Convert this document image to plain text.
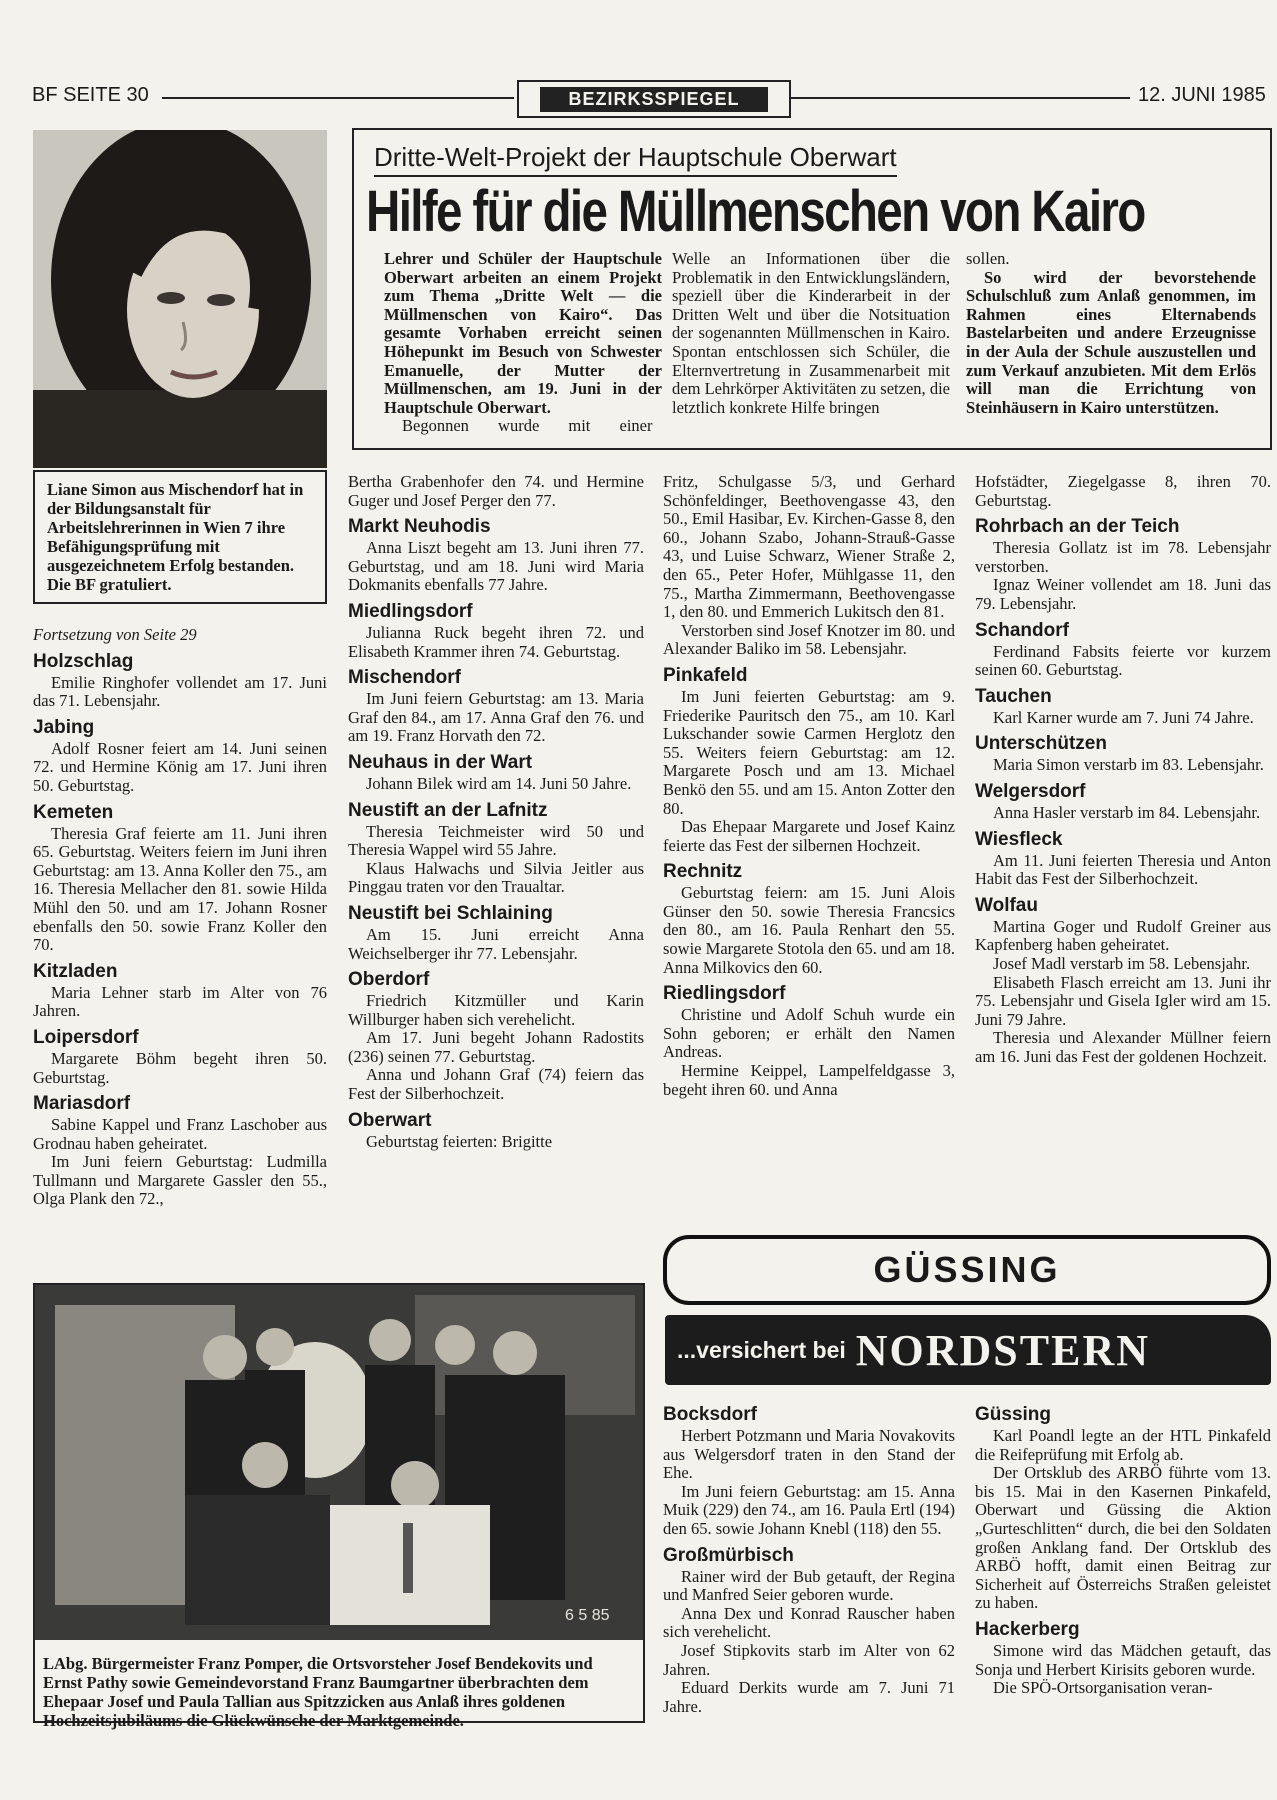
BF SEITE 30	BEZIRKSSPIEGEL	12. JUNI 1985
Liane Simon aus Mischendorf hat in der Bildungsanstalt für Arbeitslehrerinnen in Wien 7 ihre Befähigungsprüfung mit ausgezeichnetem Erfolg bestanden. Die BF gratuliert.
Dritte-Welt-Projekt der Hauptschule Oberwart
Hilfe für die Müllmenschen von Kairo

Lehrer und Schüler der Hauptschule Oberwart arbeiten an einem Projekt zum Thema „Dritte Welt — die Müllmenschen von Kairo“. Das gesamte Vorhaben erreicht seinen Höhepunkt im Besuch von Schwester Emanuelle, der Mutter der Müllmenschen, am 19. Juni in der Hauptschule Oberwart.

Begonnen wurde mit einer

Welle an Informationen über die Problematik in den Entwicklungsländern, speziell über die Kinderarbeit in der Dritten Welt und über die Notsituation der sogenannten Müllmenschen in Kairo. Spontan entschlossen sich Schüler, die Elternvertretung in Zusammenarbeit mit dem Lehrkörper Aktivitäten zu setzen, die letztlich konkrete Hilfe bringen

sollen.

So wird der bevorstehende Schulschluß zum Anlaß genommen, im Rahmen eines Elternabends Bastelarbeiten und andere Erzeugnisse in der Aula der Schule auszustellen und zum Verkauf anzubieten. Mit dem Erlös will man die Errichtung von Steinhäusern in Kairo unterstützen.

Fortsetzung von Seite 29

Holzschlag

Emilie Ringhofer vollendet am 17. Juni das 71. Lebensjahr.

Jabing

Adolf Rosner feiert am 14. Juni seinen 72. und Hermine König am 17. Juni ihren 50. Geburtstag.

Kemeten

Theresia Graf feierte am 11. Juni ihren 65. Geburtstag. Weiters feiern im Juni ihren Geburtstag: am 13. Anna Koller den 75., am 16. Theresia Mellacher den 81. sowie Hilda Mühl den 50. und am 17. Johann Rosner ebenfalls den 50. sowie Franz Koller den 70.

Kitzladen

Maria Lehner starb im Alter von 76 Jahren.

Loipersdorf

Margarete Böhm begeht ihren 50. Geburtstag.

Mariasdorf

Sabine Kappel und Franz Laschober aus Grodnau haben geheiratet.

Im Juni feiern Geburtstag: Ludmilla Tullmann und Margarete Gassler den 55., Olga Plank den 72.,

Bertha Grabenhofer den 74. und Hermine Guger und Josef Perger den 77.

Markt Neuhodis

Anna Liszt begeht am 13. Juni ihren 77. Geburtstag, und am 18. Juni wird Maria Dokmanits ebenfalls 77 Jahre.

Miedlingsdorf

Julianna Ruck begeht ihren 72. und Elisabeth Krammer ihren 74. Geburtstag.

Mischendorf

Im Juni feiern Geburtstag: am 13. Maria Graf den 84., am 17. Anna Graf den 76. und am 19. Franz Horvath den 72.

Neuhaus in der Wart

Johann Bilek wird am 14. Juni 50 Jahre.

Neustift an der Lafnitz

Theresia Teichmeister wird 50 und Theresia Wappel wird 55 Jahre.

Klaus Halwachs und Silvia Jeitler aus Pinggau traten vor den Traualtar.

Neustift bei Schlaining

Am 15. Juni erreicht Anna Weichselberger ihr 77. Lebensjahr.

Oberdorf

Friedrich Kitzmüller und Karin Willburger haben sich verehelicht.

Am 17. Juni begeht Johann Radostits (236) seinen 77. Geburtstag.

Anna und Johann Graf (74) feiern das Fest der Silberhochzeit.

Oberwart

Geburtstag feierten: Brigitte

Fritz, Schulgasse 5/3, und Gerhard Schönfeldinger, Beethovengasse 43, den 50., Emil Hasibar, Ev. Kirchen-Gasse 8, den 60., Johann Szabo, Johann-Strauß-Gasse 43, und Luise Schwarz, Wiener Straße 2, den 65., Peter Hofer, Mühlgasse 11, den 75., Martha Zimmermann, Beethovengasse 1, den 80. und Emmerich Lukitsch den 81.

Verstorben sind Josef Knotzer im 80. und Alexander Baliko im 58. Lebensjahr.

Pinkafeld

Im Juni feierten Geburtstag: am 9. Friederike Pauritsch den 75., am 10. Karl Lukschander sowie Carmen Herglotz den 55. Weiters feiern Geburtstag: am 12. Margarete Posch und am 13. Michael Benkö den 55. und am 15. Anton Zotter den 80.

Das Ehepaar Margarete und Josef Kainz feierte das Fest der silbernen Hochzeit.

Rechnitz

Geburtstag feiern: am 15. Juni Alois Günser den 50. sowie Theresia Francsics den 80., am 16. Paula Renhart den 55. sowie Margarete Stotola den 65. und am 18. Anna Milkovics den 60.

Riedlingsdorf

Christine und Adolf Schuh wurde ein Sohn geboren; er erhält den Namen Andreas.

Hermine Keippel, Lampelfeldgasse 3, begeht ihren 60. und Anna

Hofstädter, Ziegelgasse 8, ihren 70. Geburtstag.

Rohrbach an der Teich

Theresia Gollatz ist im 78. Lebensjahr verstorben.

Ignaz Weiner vollendet am 18. Juni das 79. Lebensjahr.

Schandorf

Ferdinand Fabsits feierte vor kurzem seinen 60. Geburtstag.

Tauchen

Karl Karner wurde am 7. Juni 74 Jahre.

Unterschützen

Maria Simon verstarb im 83. Lebensjahr.

Welgersdorf

Anna Hasler verstarb im 84. Lebensjahr.

Wiesfleck

Am 11. Juni feierten Theresia und Anton Habit das Fest der Silberhochzeit.

Wolfau

Martina Goger und Rudolf Greiner aus Kapfenberg haben geheiratet.

Josef Madl verstarb im 58. Lebensjahr.

Elisabeth Flasch erreicht am 13. Juni ihr 75. Lebensjahr und Gisela Igler wird am 15. Juni 79 Jahre.

Theresia und Alexander Müllner feiern am 16. Juni das Fest der goldenen Hochzeit.

6 5 85
LAbg. Bürgermeister Franz Pomper, die Ortsvorsteher Josef Bendekovits und Ernst Pathy sowie Gemeindevorstand Franz Baumgartner überbrachten dem Ehepaar Josef und Paula Tallian aus Spitzzicken aus Anlaß ihres goldenen Hochzeitsjubiläums die Glückwünsche der Marktgemeinde.
GÜSSING
...versichert bei NORDSTERN
Bocksdorf

Herbert Potzmann und Maria Novakovits aus Welgersdorf traten in den Stand der Ehe.

Im Juni feiern Geburtstag: am 15. Anna Muik (229) den 74., am 16. Paula Ertl (194) den 65. sowie Johann Knebl (118) den 55.

Großmürbisch

Rainer wird der Bub getauft, der Regina und Manfred Seier geboren wurde.

Anna Dex und Konrad Rauscher haben sich verehelicht.

Josef Stipkovits starb im Alter von 62 Jahren.

Eduard Derkits wurde am 7. Juni 71 Jahre.

Güssing

Karl Poandl legte an der HTL Pinkafeld die Reifeprüfung mit Erfolg ab.

Der Ortsklub des ARBÖ führte vom 13. bis 15. Mai in den Kasernen Pinkafeld, Oberwart und Güssing die Aktion „Gurteschlitten“ durch, die bei den Soldaten großen Anklang fand. Der Ortsklub des ARBÖ hofft, damit einen Beitrag zur Sicherheit auf Österreichs Straßen geleistet zu haben.

Hackerberg

Simone wird das Mädchen getauft, das Sonja und Herbert Kirisits geboren wurde.

Die SPÖ-Ortsorganisation veran-
